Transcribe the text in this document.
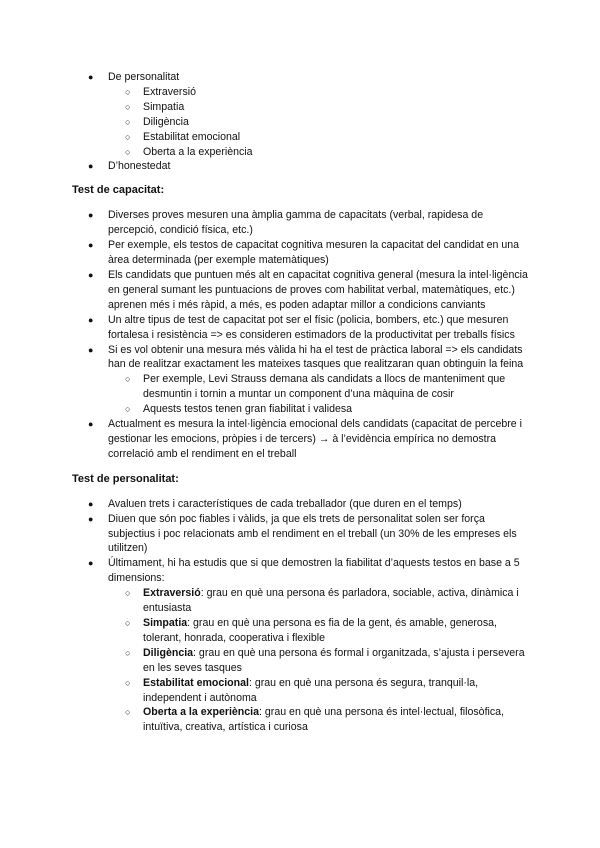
●	De personalitat
○	Extraversió
○	Simpatia
○	Diligència
○	Estabilitat emocional
○	Oberta a la experiència
●	D’honestedat
Test de capacitat:
●	Diverses proves mesuren una àmplia gamma de capacitats (verbal, rapidesa de percepció, condició física, etc.)
●	Per exemple, els testos de capacitat cognitiva mesuren la capacitat del candidat en una àrea determinada (per exemple matemàtiques)
●	Els candidats que puntuen més alt en capacitat cognitiva general (mesura la intel·ligència en general sumant les puntuacions de proves com habilitat verbal, matemàtiques, etc.) aprenen més i més ràpid, a més, es poden adaptar millor a condicions canviants
●	Un altre tipus de test de capacitat pot ser el físic (policia, bombers, etc.) que mesuren fortalesa i resistència => es consideren estimadors de la productivitat per treballs físics
●	Si es vol obtenir una mesura més vàlida hi ha el test de pràctica laboral => els candidats han de realitzar exactament les mateixes tasques que realitzaran quan obtinguin la feina
○	Per exemple, Levi Strauss demana als candidats a llocs de manteniment que desmuntin i tornin a muntar un component d’una màquina de cosir
○	Aquests testos tenen gran fiabilitat i validesa
●	Actualment es mesura la intel·ligència emocional dels candidats (capacitat de percebre i gestionar les emocions, pròpies i de tercers) → à l’evidència empírica no demostra correlació amb el rendiment en el treball
Test de personalitat:
●	Avaluen trets i característiques de cada treballador (que duren en el temps)
●	Diuen que són poc fiables i vàlids, ja que els trets de personalitat solen ser força subjectius i poc relacionats amb el rendiment en el treball (un 30% de les empreses els utilitzen)
●	Últimament, hi ha estudis que si que demostren la fiabilitat d’aquests testos en base a 5 dimensions:
○	Extraversió: grau en què una persona és parladora, sociable, activa, dinàmica i entusiasta
○	Simpatia: grau en què una persona es fia de la gent, és amable, generosa, tolerant, honrada, cooperativa i flexible
○	Diligència: grau en què una persona és formal i organitzada, s’ajusta i persevera en les seves tasques
○	Estabilitat emocional: grau en què una persona és segura, tranquil·la, independent i autònoma
○	Oberta a la experiència: grau en què una persona és intel·lectual, filosòfica, intuïtiva, creativa, artística i curiosa
